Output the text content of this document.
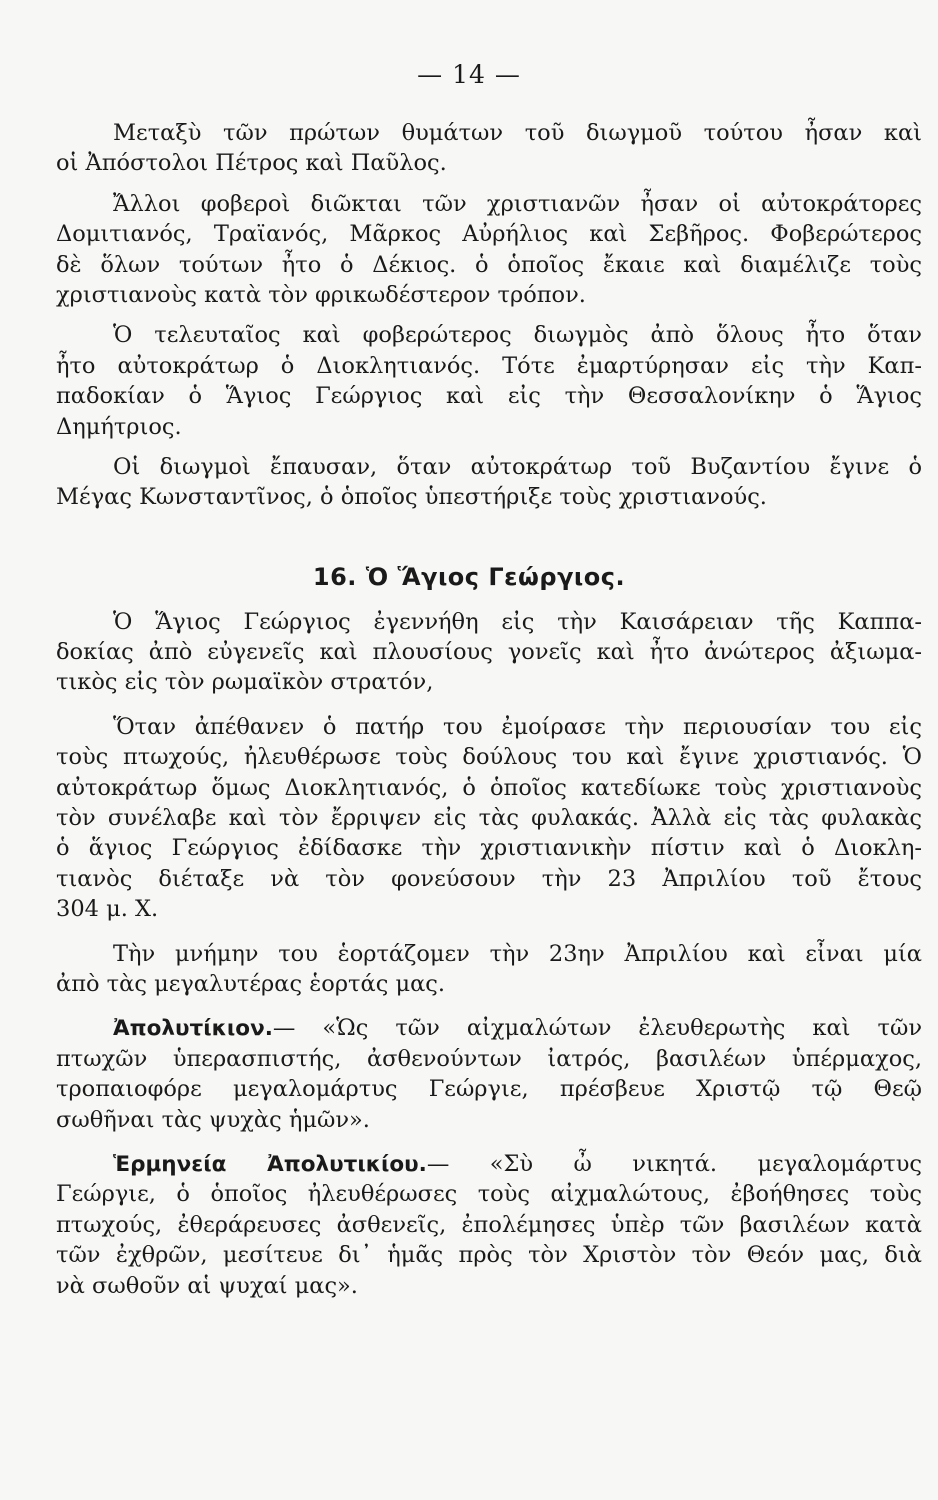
— 14 —
Μεταξὺ τῶν πρώτων θυμάτων τοῦ διωγμοῦ τούτου ἦσαν καὶ
οἱ Ἀπόστολοι Πέτρος καὶ Παῦλος.
Ἄλλοι φοβεροὶ διῶκται τῶν χριστιανῶν ἦσαν οἱ αὐτοκράτορες
Δομιτιανός, Τραϊανός, Μᾶρκος Αὐρήλιος καὶ Σεβῆρος. Φοβερώτερος
δὲ ὅλων τούτων ἦτο ὁ Δέκιος. ὁ ὁποῖος ἔκαιε καὶ διαμέλιζε τοὺς
χριστιανοὺς κατὰ τὸν φρικωδέστερον τρόπον.
Ὁ τελευταῖος καὶ φοβερώτερος διωγμὸς ἀπὸ ὅλους ἦτο ὅταν
ἦτο αὐτοκράτωρ ὁ Διοκλητιανός. Τότε ἐμαρτύρησαν εἰς τὴν Καπ-
παδοκίαν ὁ Ἅγιος Γεώργιος καὶ εἰς τὴν Θεσσαλονίκην ὁ Ἅγιος
Δημήτριος.
Οἱ διωγμοὶ ἔπαυσαν, ὅταν αὐτοκράτωρ τοῦ Βυζαντίου ἔγινε ὁ
Μέγας Κωνσταντῖνος, ὁ ὁποῖος ὑπεστήριξε τοὺς χριστιανούς.
16. Ὁ Ἅγιος Γεώργιος.
Ὁ Ἅγιος Γεώργιος ἐγεννήθη εἰς τὴν Καισάρειαν τῆς Καππα-
δοκίας ἀπὸ εὐγενεῖς καὶ πλουσίους γονεῖς καὶ ἦτο ἀνώτερος ἀξιωμα-
τικὸς εἰς τὸν ρωμαϊκὸν στρατόν,
Ὅταν ἀπέθανεν ὁ πατήρ του ἐμοίρασε τὴν περιουσίαν του εἰς
τοὺς πτωχούς, ἠλευθέρωσε τοὺς δούλους του καὶ ἔγινε χριστιανός. Ὁ
αὐτοκράτωρ ὅμως Διοκλητιανός, ὁ ὁποῖος κατεδίωκε τοὺς χριστιανοὺς
τὸν συνέλαβε καὶ τὸν ἔρριψεν εἰς τὰς φυλακάς. Ἀλλὰ εἰς τὰς φυλακὰς
ὁ ἅγιος Γεώργιος ἐδίδασκε τὴν χριστιανικὴν πίστιν καὶ ὁ Διοκλη-
τιανὸς διέταξε νὰ τὸν φονεύσουν τὴν 23 Ἀπριλίου τοῦ ἔτους
304 μ. Χ.
Τὴν μνήμην του ἑορτάζομεν τὴν 23ην Ἀπριλίου καὶ εἶναι μία
ἀπὸ τὰς μεγαλυτέρας ἑορτάς μας.
Ἀπολυτίκιον.— «Ὡς τῶν αἰχμαλώτων ἐλευθερωτὴς καὶ τῶν
πτωχῶν ὑπερασπιστής, ἀσθενούντων ἰατρός, βασιλέων ὑπέρμαχος,
τροπαιοφόρε μεγαλομάρτυς Γεώργιε, πρέσβευε Χριστῷ τῷ Θεῷ
σωθῆναι τὰς ψυχὰς ἡμῶν».
Ἑρμηνεία Ἀπολυτικίου.— «Σὺ ὦ νικητά. μεγαλομάρτυς
Γεώργιε, ὁ ὁποῖος ἠλευθέρωσες τοὺς αἰχμαλώτους, ἐβοήθησες τοὺς
πτωχούς, ἐθεράρευσες ἀσθενεῖς, ἐπολέμησες ὑπὲρ τῶν βασιλέων κατὰ
τῶν ἐχθρῶν, μεσίτευε δι᾽ ἡμᾶς πρὸς τὸν Χριστὸν τὸν Θεόν μας, διὰ
νὰ σωθοῦν αἱ ψυχαί μας».
